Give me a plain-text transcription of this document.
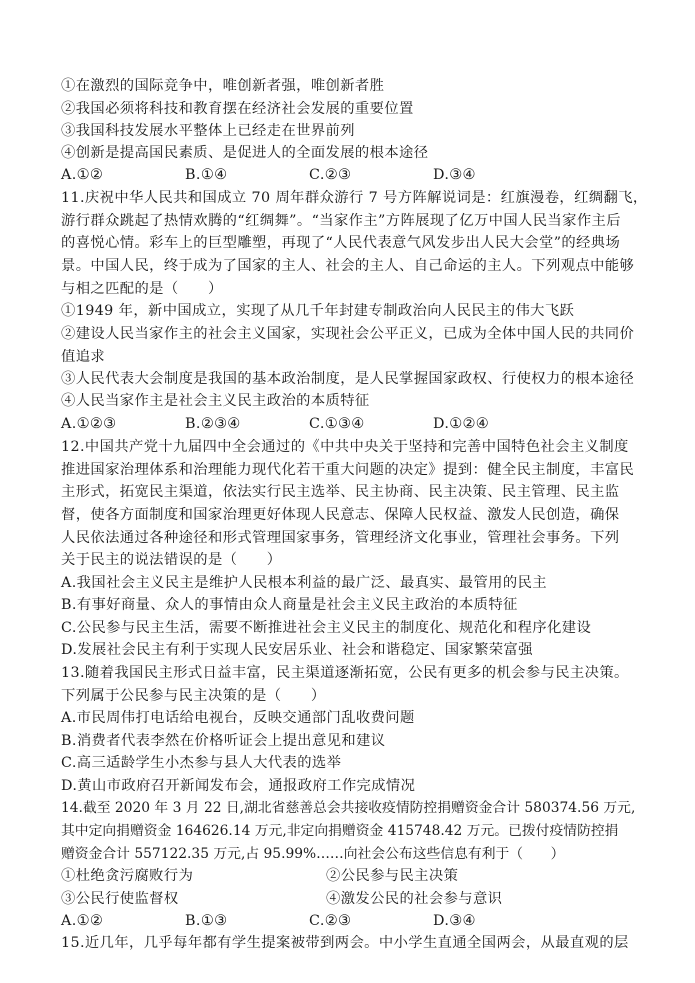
①在激烈的国际竞争中，唯创新者强，唯创新者胜
②我国必须将科技和教育摆在经济社会发展的重要位置
③我国科技发展水平整体上已经走在世界前列
④创新是提高国民素质、是促进人的全面发展的根本途径
A.①②	B.①④	C.②③	D.③④
11.庆祝中华人民共和国成立 70 周年群众游行 7 号方阵解说词是：红旗漫卷，红绸翻飞，
游行群众跳起了热情欢腾的“红绸舞”。“当家作主”方阵展现了亿万中国人民当家作主后
的喜悦心情。彩车上的巨型雕塑，再现了“人民代表意气风发步出人民大会堂”的经典场
景。中国人民，终于成为了国家的主人、社会的主人、自己命运的主人。下列观点中能够
与相之匹配的是（　　）
①1949 年，新中国成立，实现了从几千年封建专制政治向人民民主的伟大飞跃
②建设人民当家作主的社会主义国家，实现社会公平正义，已成为全体中国人民的共同价
值追求
③人民代表大会制度是我国的基本政治制度，是人民掌握国家政权、行使权力的根本途径
④人民当家作主是社会主义民主政治的本质特征
A.①②③	B.②③④	C.①③④	D.①②④
12.中国共产党十九届四中全会通过的《中共中央关于坚持和完善中国特色社会主义制度
推进国家治理体系和治理能力现代化若干重大问题的决定》提到：健全民主制度，丰富民
主形式，拓宽民主渠道，依法实行民主选举、民主协商、民主决策、民主管理、民主监
督，使各方面制度和国家治理更好体现人民意志、保障人民权益、激发人民创造，确保
人民依法通过各种途径和形式管理国家事务，管理经济文化事业，管理社会事务。下列
关于民主的说法错误的是（　　）
A.我国社会主义民主是维护人民根本利益的最广泛、最真实、最管用的民主
B.有事好商量、众人的事情由众人商量是社会主义民主政治的本质特征
C.公民参与民主生活，需要不断推进社会主义民主的制度化、规范化和程序化建设
D.发展社会民主有利于实现人民安居乐业、社会和谐稳定、国家繁荣富强
13.随着我国民主形式日益丰富，民主渠道逐渐拓宽，公民有更多的机会参与民主决策。
下列属于公民参与民主决策的是（　　）
A.市民周伟打电话给电视台，反映交通部门乱收费问题
B.消费者代表李然在价格听证会上提出意见和建议
C.高三适龄学生小杰参与县人大代表的选举
D.黄山市政府召开新闻发布会，通报政府工作完成情况
14.截至 2020 年 3 月 22 日,湖北省慈善总会共接收疫情防控捐赠资金合计 580374.56 万元,
其中定向捐赠资金 164626.14 万元,非定向捐赠资金 415748.42 万元。已拨付疫情防控捐
赠资金合计 557122.35 万元,占 95.99%……向社会公布这些信息有利于（　　）
①杜绝贪污腐败行为	②公民参与民主决策
③公民行使监督权	④激发公民的社会参与意识
A.①②	B.①③	C.②③	D.③④
15.近几年，几乎每年都有学生提案被带到两会。中小学生直通全国两会，从最直观的层
